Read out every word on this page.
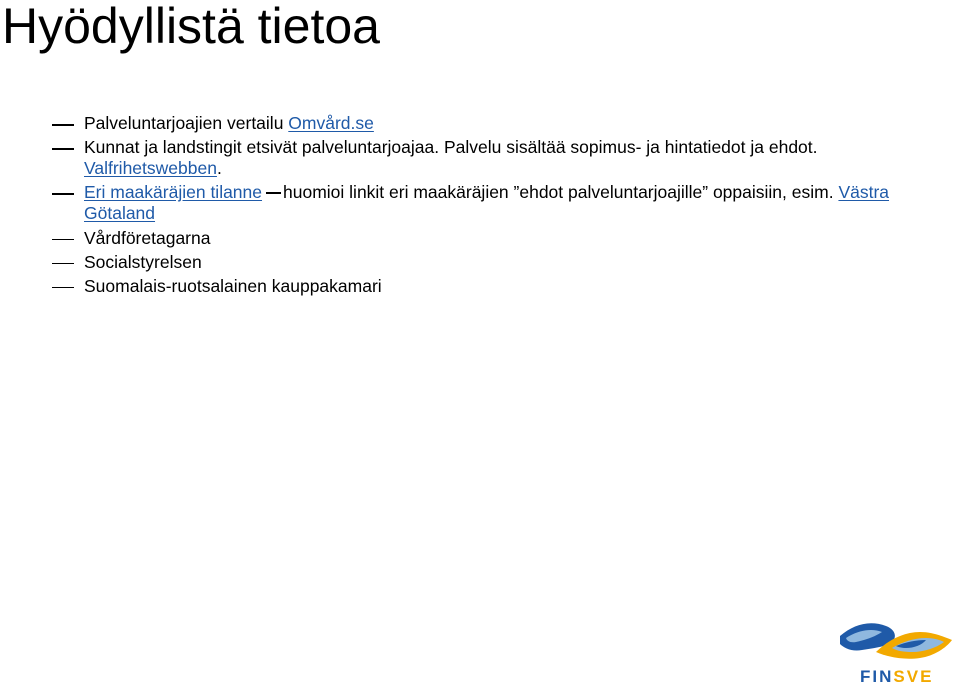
Hyödyllistä tietoa
Palveluntarjoajien vertailu Omvård.se
Kunnat ja landstingit etsivät palveluntarjoajaa. Palvelu sisältää sopimus- ja hintatiedot ja ehdot. Valfrihetswebben.
Eri maakäräjien tilanne huomioi linkit eri maakäräjien ”ehdot palveluntarjoajille” oppaisiin, esim. Västra Götaland
Vårdföretagarna
Socialstyrelsen
Suomalais-ruotsalainen kauppakamari
FINSVE
